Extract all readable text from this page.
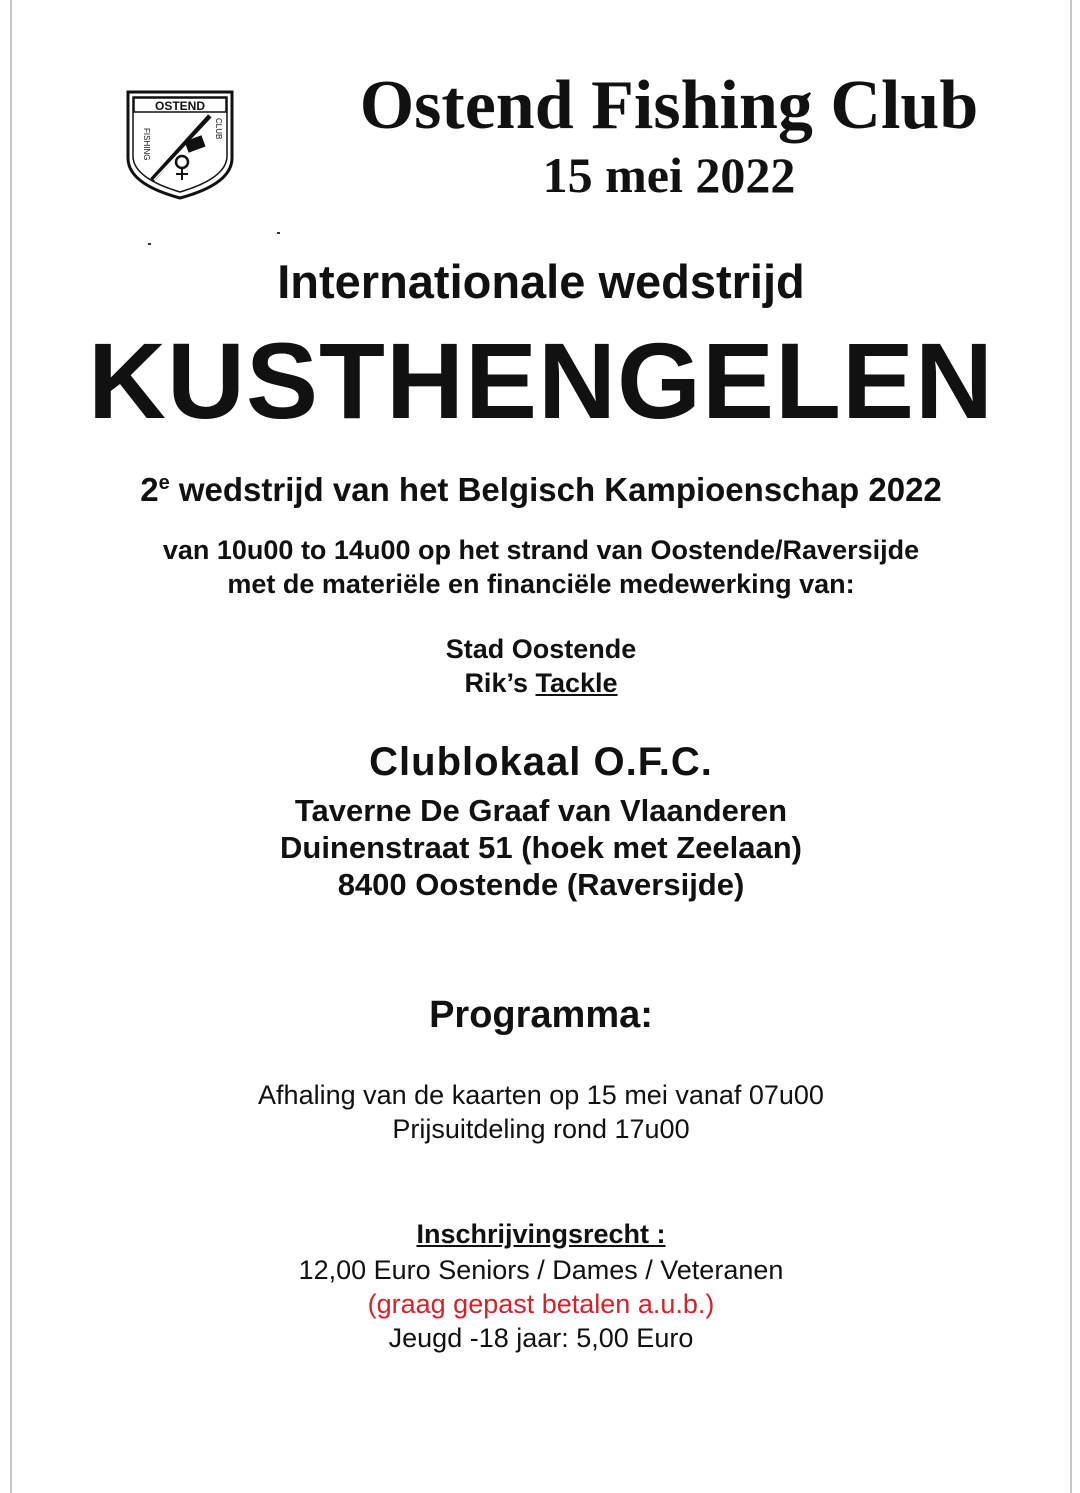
OSTEND
FISHING	CLUB	Ostend Fishing Club
15 mei 2022
Internationale wedstrijd
KUSTHENGELEN
2e wedstrijd van het Belgisch Kampioenschap 2022
van 10u00 to 14u00 op het strand van Oostende/Raversijde
met de materiële en financiële medewerking van:
Stad Oostende
Rik’s Tackle
Clublokaal O.F.C.
Taverne De Graaf van Vlaanderen
Duinenstraat 51 (hoek met Zeelaan)
8400 Oostende (Raversijde)
Programma:
Afhaling van de kaarten op 15 mei vanaf 07u00
Prijsuitdeling rond 17u00
Inschrijvingsrecht :
12,00 Euro Seniors / Dames / Veteranen
(graag gepast betalen a.u.b.)
Jeugd -18 jaar: 5,00 Euro
